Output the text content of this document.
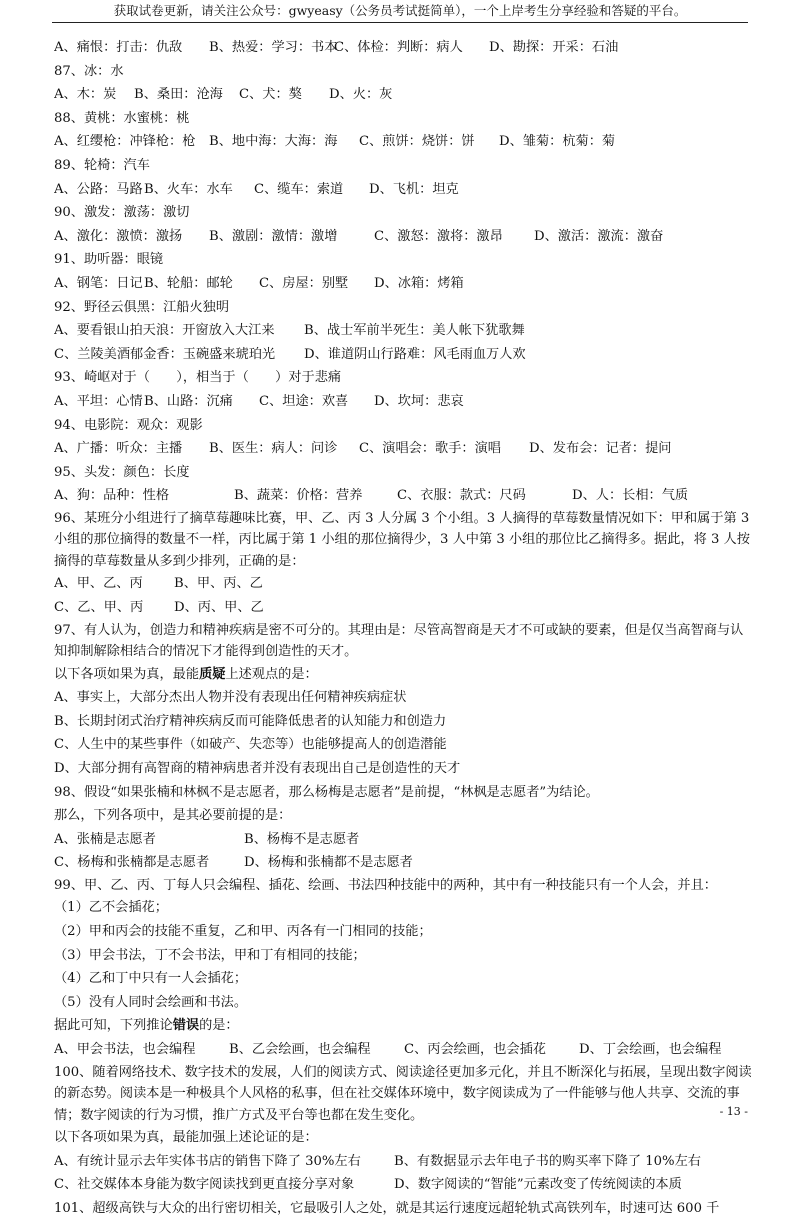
获取试卷更新，请关注公众号：gwyeasy（公务员考试挺简单），一个上岸考生分享经验和答疑的平台。
A、痛恨：打击：仇敌	B、热爱：学习：书本
C、体检：判断：病人	D、勘探：开采：石油
87、冰：水
A、木：炭	B、桑田：沧海	C、犬：獒	D、火：灰
88、黄桃：水蜜桃：桃
A、红缨枪：冲锋枪：枪	B、地中海：大海：海	C、煎饼：烧饼：饼	D、雏菊：杭菊：菊
89、轮椅：汽车
A、公路：马路 B、火车：水车	C、缆车：索道	D、飞机：坦克
90、激发：激荡：激切
A、激化：激愤：激扬	B、激剧：激情：激增	C、激怒：激将：激昂	D、激活：激流：激奋
91、助听器：眼镜
A、钢笔：日记 B、轮船：邮轮	C、房屋：别墅	D、冰箱：烤箱
92、野径云俱黑：江船火独明
A、要看银山拍天浪：开窗放入大江来	B、战士军前半死生：美人帐下犹歌舞
C、兰陵美酒郁金香：玉碗盛来琥珀光	D、谁道阴山行路难：风毛雨血万人欢
93、崎岖对于（　　），相当于（　　）对于悲痛
A、平坦：心情 B、山路：沉痛	C、坦途：欢喜	D、坎坷：悲哀
94、电影院：观众：观影
A、广播：听众：主播	B、医生：病人：问诊	C、演唱会：歌手：演唱	D、发布会：记者：提问
95、头发：颜色：长度
A、狗：品种：性格	B、蔬菜：价格：营养	C、衣服：款式：尺码	D、人：长相：气质
96、某班分小组进行了摘草莓趣味比赛，甲、乙、丙 3 人分属 3 个小组。3 人摘得的草莓数量情况如下：甲和属于第 3 小组的那位摘得的数量不一样，丙比属于第 1 小组的那位摘得少，3 人中第 3 小组的那位比乙摘得多。据此，将 3 人按摘得的草莓数量从多到少排列，正确的是：
A、甲、乙、丙	B、甲、丙、乙
C、乙、甲、丙	D、丙、甲、乙
97、有人认为，创造力和精神疾病是密不可分的。其理由是：尽管高智商是天才不可或缺的要素，但是仅当高智商与认知抑制解除相结合的情况下才能得到创造性的天才。
以下各项如果为真，最能质疑上述观点的是：
A、事实上，大部分杰出人物并没有表现出任何精神疾病症状
B、长期封闭式治疗精神疾病反而可能降低患者的认知能力和创造力
C、人生中的某些事件（如破产、失恋等）也能够提高人的创造潜能
D、大部分拥有高智商的精神病患者并没有表现出自己是创造性的天才
98、假设“如果张楠和林枫不是志愿者，那么杨梅是志愿者”是前提，“林枫是志愿者”为结论。
那么，下列各项中，是其必要前提的是：
A、张楠是志愿者	B、杨梅不是志愿者
C、杨梅和张楠都是志愿者	D、杨梅和张楠都不是志愿者
99、甲、乙、丙、丁每人只会编程、插花、绘画、书法四种技能中的两种，其中有一种技能只有一个人会，并且：
（1）乙不会插花；
（2）甲和丙会的技能不重复，乙和甲、丙各有一门相同的技能；
（3）甲会书法，丁不会书法，甲和丁有相同的技能；
（4）乙和丁中只有一人会插花；
（5）没有人同时会绘画和书法。
据此可知，下列推论错误的是：
A、甲会书法，也会编程	B、乙会绘画，也会编程	C、丙会绘画，也会插花	D、丁会绘画，也会编程
100、随着网络技术、数字技术的发展，人们的阅读方式、阅读途径更加多元化，并且不断深化与拓展，呈现出数字阅读的新态势。阅读本是一种极具个人风格的私事，但在社交媒体环境中，数字阅读成为了一件能够与他人共享、交流的事情；数字阅读的行为习惯，推广方式及平台等也都在发生变化。
以下各项如果为真，最能加强上述论证的是：
A、有统计显示去年实体书店的销售下降了 30%左右	B、有数据显示去年电子书的购买率下降了 10%左右
C、社交媒体本身能为数字阅读找到更直接分享对象	D、数字阅读的“智能”元素改变了传统阅读的本质
101、超级高铁与大众的出行密切相关，它最吸引人之处，就是其运行速度远超轮轨式高铁列车，时速可达 600 千
- 13 -
